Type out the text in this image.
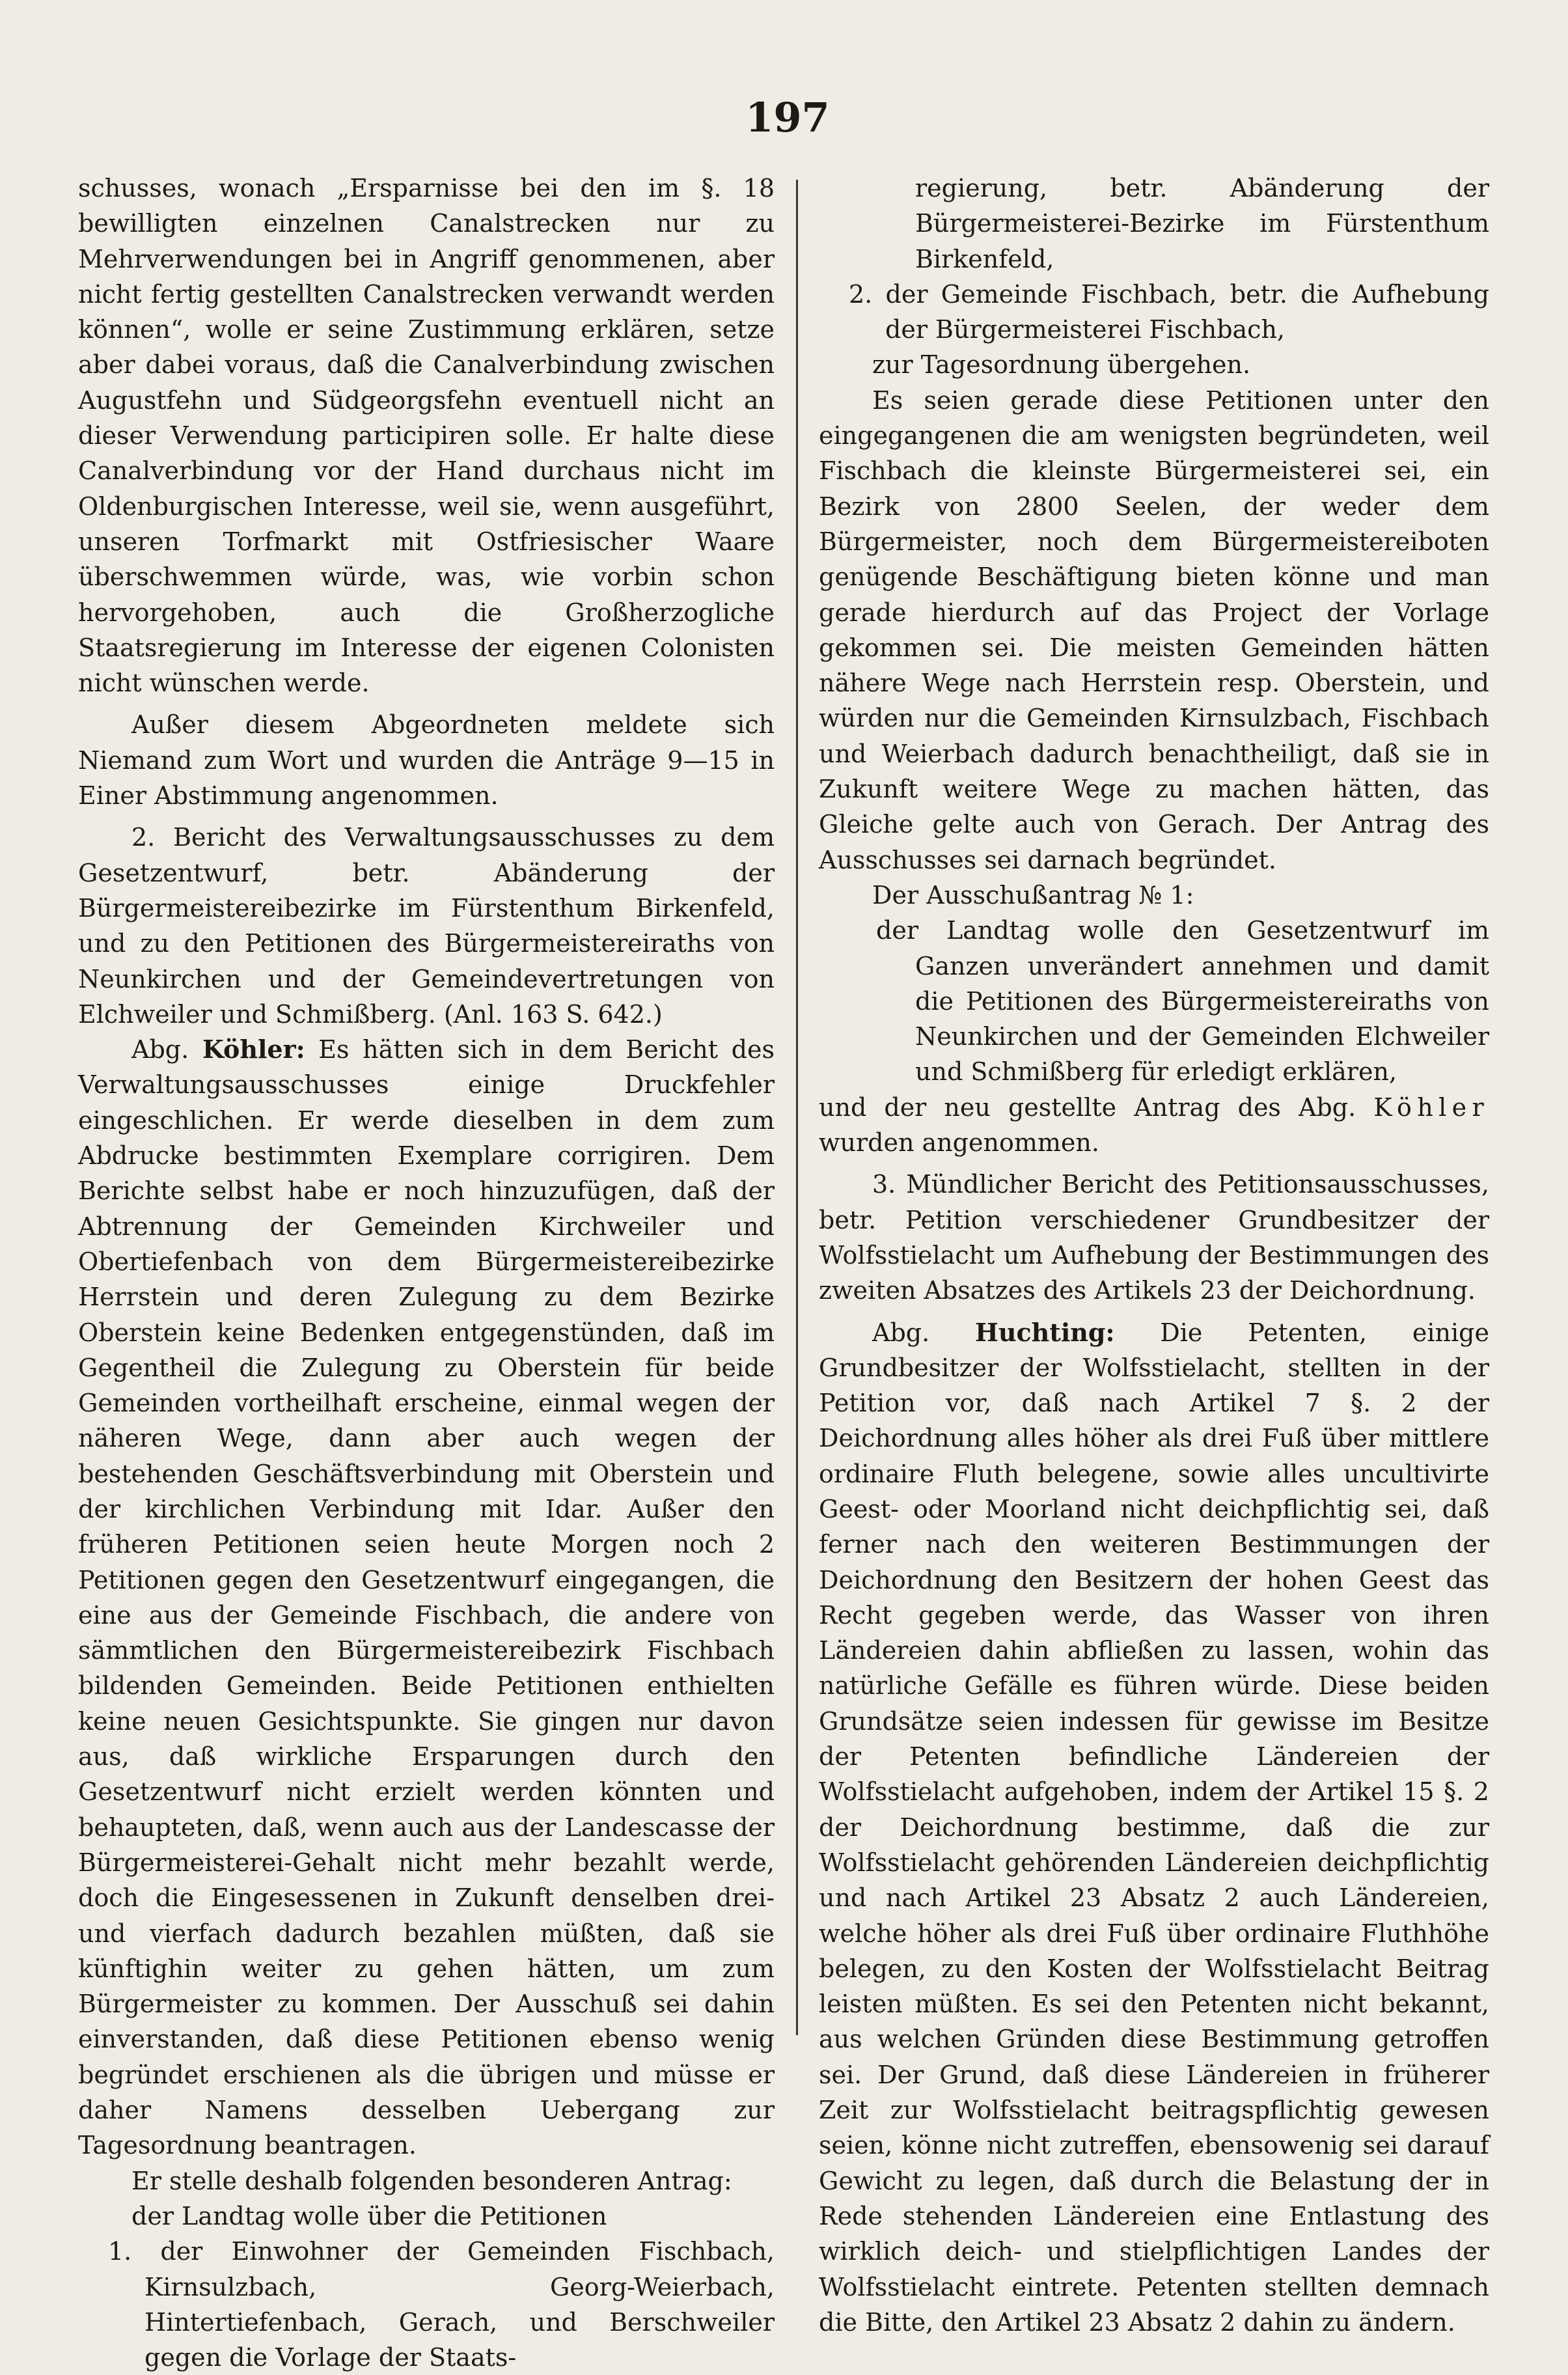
197

schusses, wonach „Ersparnisse bei den im §. 18 bewilligten einzelnen Canalstrecken nur zu Mehrverwendungen bei in Angriff genommenen, aber nicht fertig gestellten Canalstrecken verwandt werden können“, wolle er seine Zustimmung erklären, setze aber dabei voraus, daß die Canalverbindung zwischen Augustfehn und Südgeorgsfehn eventuell nicht an dieser Verwendung participiren solle. Er halte diese Canalverbindung vor der Hand durchaus nicht im Oldenburgischen Interesse, weil sie, wenn ausgeführt, unseren Torfmarkt mit Ostfriesischer Waare überschwemmen würde, was, wie vorbin schon hervorgehoben, auch die Großherzogliche Staatsregierung im Interesse der eigenen Colonisten nicht wünschen werde.

Außer diesem Abgeordneten meldete sich Niemand zum Wort und wurden die Anträge 9—15 in Einer Abstimmung angenommen.

2. Bericht des Verwaltungsausschusses zu dem Gesetzentwurf, betr. Abänderung der Bürgermeistereibezirke im Fürstenthum Birkenfeld, und zu den Petitionen des Bürgermeistereiraths von Neunkirchen und der Gemeindevertretungen von Elchweiler und Schmißberg. (Anl. 163 S. 642.)

Abg. Köhler: Es hätten sich in dem Bericht des Verwaltungsausschusses einige Druckfehler eingeschlichen. Er werde dieselben in dem zum Abdrucke bestimmten Exemplare corrigiren. Dem Berichte selbst habe er noch hinzuzufügen, daß der Abtrennung der Gemeinden Kirchweiler und Obertiefenbach von dem Bürgermeistereibezirke Herrstein und deren Zulegung zu dem Bezirke Oberstein keine Bedenken entgegenstünden, daß im Gegentheil die Zulegung zu Oberstein für beide Gemeinden vortheilhaft erscheine, einmal wegen der näheren Wege, dann aber auch wegen der bestehenden Geschäftsverbindung mit Oberstein und der kirchlichen Verbindung mit Idar. Außer den früheren Petitionen seien heute Morgen noch 2 Petitionen gegen den Gesetzentwurf eingegangen, die eine aus der Gemeinde Fischbach, die andere von sämmtlichen den Bürgermeistereibezirk Fischbach bildenden Gemeinden. Beide Petitionen enthielten keine neuen Gesichtspunkte. Sie gingen nur davon aus, daß wirkliche Ersparungen durch den Gesetzentwurf nicht erzielt werden könnten und behaupteten, daß, wenn auch aus der Landescasse der Bürgermeisterei-Gehalt nicht mehr bezahlt werde, doch die Eingesessenen in Zukunft denselben drei- und vierfach dadurch bezahlen müßten, daß sie künftighin weiter zu gehen hätten, um zum Bürgermeister zu kommen. Der Ausschuß sei dahin einverstanden, daß diese Petitionen ebenso wenig begründet erschienen als die übrigen und müsse er daher Namens desselben Uebergang zur Tagesordnung beantragen.

Er stelle deshalb folgenden besonderen Antrag:

der Landtag wolle über die Petitionen

1. der Einwohner der Gemeinden Fischbach, Kirnsulzbach, Georg-Weierbach, Hintertiefenbach, Gerach, und Berschweiler gegen die Vorlage der Staats-

regierung, betr. Abänderung der Bürgermeisterei-Bezirke im Fürstenthum Birkenfeld,

2. der Gemeinde Fischbach, betr. die Aufhebung der Bürgermeisterei Fischbach,

zur Tagesordnung übergehen.

Es seien gerade diese Petitionen unter den eingegangenen die am wenigsten begründeten, weil Fischbach die kleinste Bürgermeisterei sei, ein Bezirk von 2800 Seelen, der weder dem Bürgermeister, noch dem Bürgermeistereiboten genügende Beschäftigung bieten könne und man gerade hierdurch auf das Project der Vorlage gekommen sei. Die meisten Gemeinden hätten nähere Wege nach Herrstein resp. Oberstein, und würden nur die Gemeinden Kirnsulzbach, Fischbach und Weierbach dadurch benachtheiligt, daß sie in Zukunft weitere Wege zu machen hätten, das Gleiche gelte auch von Gerach. Der Antrag des Ausschusses sei darnach begründet.

Der Ausschußantrag № 1:

der Landtag wolle den Gesetzentwurf im Ganzen unverändert annehmen und damit die Petitionen des Bürgermeistereiraths von Neunkirchen und der Gemeinden Elchweiler und Schmißberg für erledigt erklären,

und der neu gestellte Antrag des Abg. Köhler wurden angenommen.

3. Mündlicher Bericht des Petitionsausschusses, betr. Petition verschiedener Grundbesitzer der Wolfsstielacht um Aufhebung der Bestimmungen des zweiten Absatzes des Artikels 23 der Deichordnung.

Abg. Huchting: Die Petenten, einige Grundbesitzer der Wolfsstielacht, stellten in der Petition vor, daß nach Artikel 7 §. 2 der Deichordnung alles höher als drei Fuß über mittlere ordinaire Fluth belegene, sowie alles uncultivirte Geest- oder Moorland nicht deichpflichtig sei, daß ferner nach den weiteren Bestimmungen der Deichordnung den Besitzern der hohen Geest das Recht gegeben werde, das Wasser von ihren Ländereien dahin abfließen zu lassen, wohin das natürliche Gefälle es führen würde. Diese beiden Grundsätze seien indessen für gewisse im Besitze der Petenten befindliche Ländereien der Wolfsstielacht aufgehoben, indem der Artikel 15 §. 2 der Deichordnung bestimme, daß die zur Wolfsstielacht gehörenden Ländereien deichpflichtig und nach Artikel 23 Absatz 2 auch Ländereien, welche höher als drei Fuß über ordinaire Fluthhöhe belegen, zu den Kosten der Wolfsstielacht Beitrag leisten müßten. Es sei den Petenten nicht bekannt, aus welchen Gründen diese Bestimmung getroffen sei. Der Grund, daß diese Ländereien in früherer Zeit zur Wolfsstielacht beitragspflichtig gewesen seien, könne nicht zutreffen, ebensowenig sei darauf Gewicht zu legen, daß durch die Belastung der in Rede stehenden Ländereien eine Entlastung des wirklich deich- und stielpflichtigen Landes der Wolfsstielacht eintrete. Petenten stellten demnach die Bitte, den Artikel 23 Absatz 2 dahin zu ändern.
